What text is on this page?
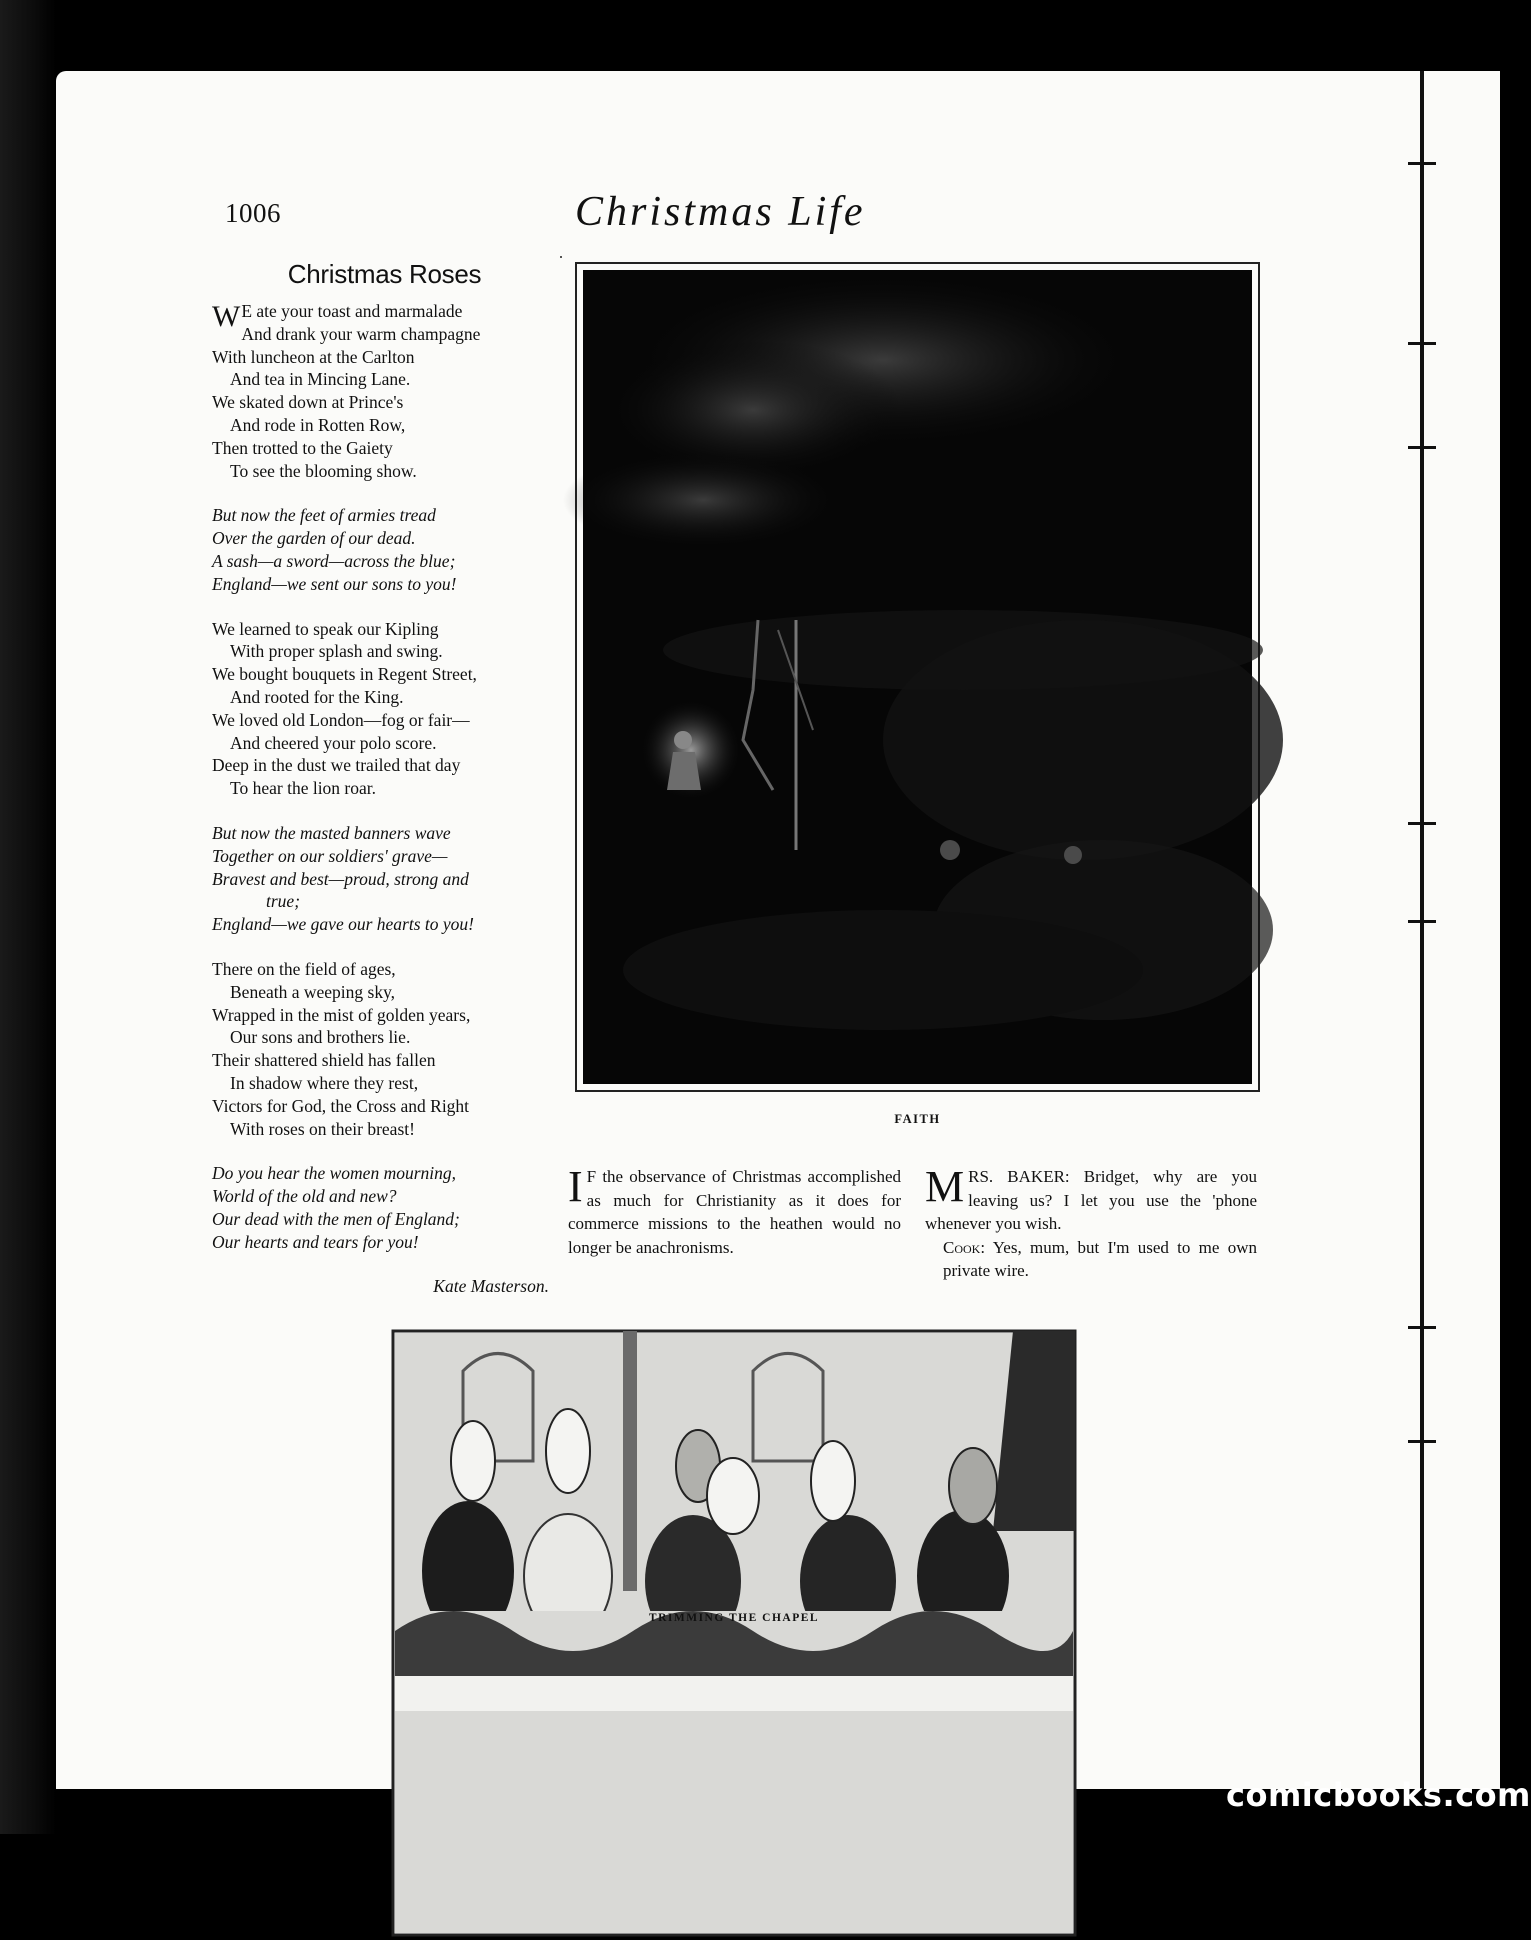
1006	Christmas Life
Christmas Roses
W E ate your toast and marmalade
And drank your warm champagne
With luncheon at the Carlton
And tea in Mincing Lane.
We skated down at Prince's
And rode in Rotten Row,
Then trotted to the Gaiety
To see the blooming show.
But now the feet of armies tread
Over the garden of our dead.
A sash—a sword—across the blue;
England—we sent our sons to you!
We learned to speak our Kipling
With proper splash and swing.
We bought bouquets in Regent Street,
And rooted for the King.
We loved old London—fog or fair—
And cheered your polo score.
Deep in the dust we trailed that day
To hear the lion roar.
But now the masted banners wave
Together on our soldiers' grave—
Bravest and best—proud, strong and
true;
England—we gave our hearts to you!
There on the field of ages,
Beneath a weeping sky,
Wrapped in the mist of golden years,
Our sons and brothers lie.
Their shattered shield has fallen
In shadow where they rest,
Victors for God, the Cross and Right
With roses on their breast!
Do you hear the women mourning,
World of the old and new?
Our dead with the men of England;
Our hearts and tears for you!
Kate Masterson.
FAITH

I F the observance of Christmas accomplished as much for Christianity as it does for commerce missions to the heathen would no longer be anachronisms.

MRS. BAKER: Bridget, why are you leaving us? I let you use the 'phone whenever you wish.

Cook: Yes, mum, but I'm used to me own private wire.

TRIMMING THE CHAPEL
comicbooks.com
